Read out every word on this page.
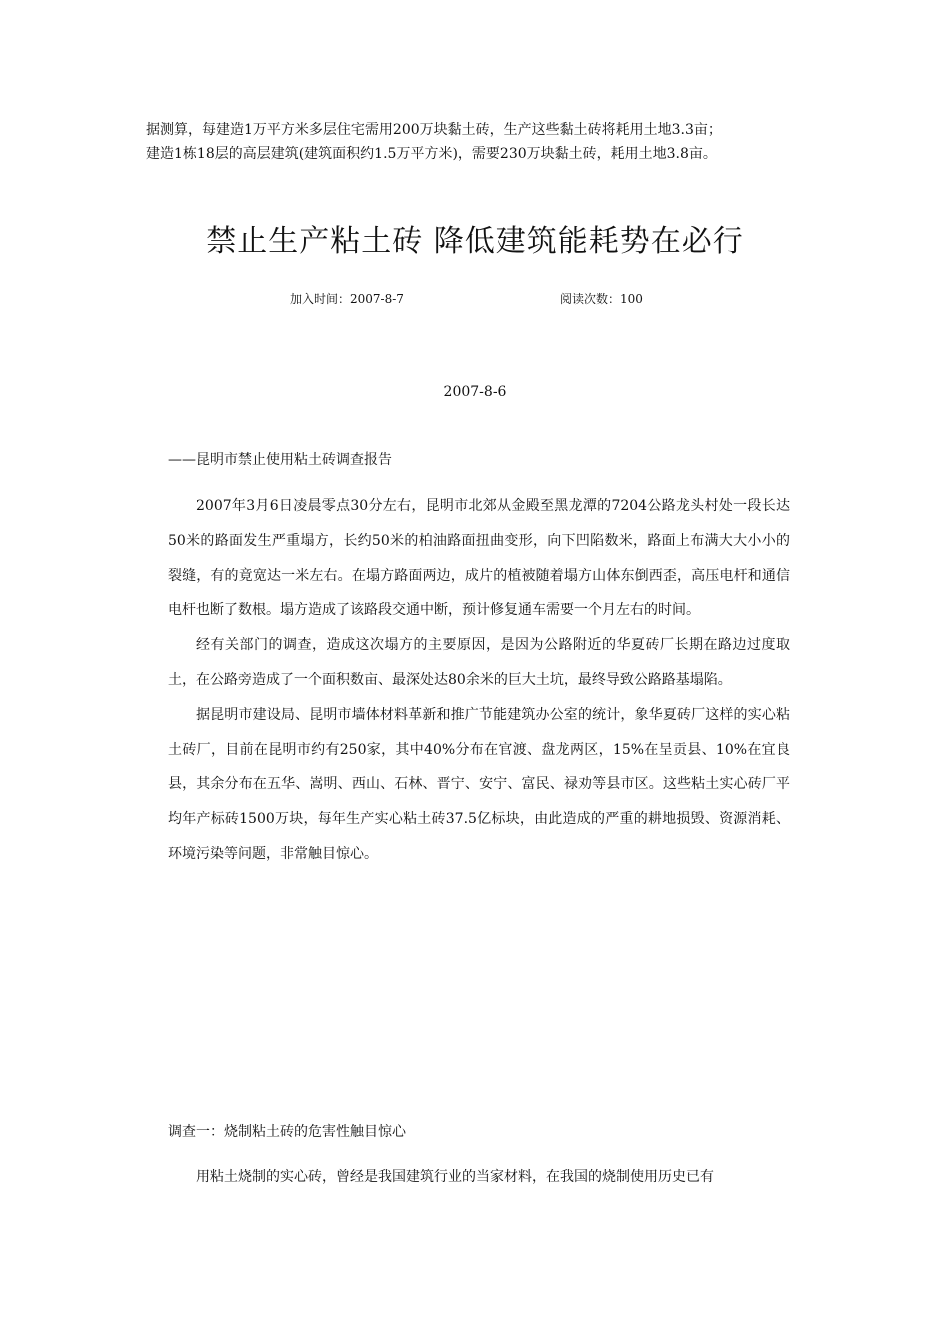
据测算，每建造1万平方米多层住宅需用200万块黏土砖，生产这些黏土砖将耗用土地3.3亩；

建造1栋18层的高层建筑(建筑面积约1.5万平方米)，需要230万块黏土砖，耗用土地3.8亩。

禁止生产粘土砖 降低建筑能耗势在必行
加入时间：2007-8-7	阅读次数：100
2007-8-6
——昆明市禁止使用粘土砖调查报告

2007年3月6日凌晨零点30分左右，昆明市北郊从金殿至黑龙潭的7204公路龙头村处一段长达50米的路面发生严重塌方，长约50米的柏油路面扭曲变形，向下凹陷数米，路面上布满大大小小的裂缝，有的竟宽达一米左右。在塌方路面两边，成片的植被随着塌方山体东倒西歪，高压电杆和通信电杆也断了数根。塌方造成了该路段交通中断，预计修复通车需要一个月左右的时间。

经有关部门的调查，造成这次塌方的主要原因，是因为公路附近的华夏砖厂长期在路边过度取土，在公路旁造成了一个面积数亩、最深处达80余米的巨大土坑，最终导致公路路基塌陷。

据昆明市建设局、昆明市墙体材料革新和推广节能建筑办公室的统计，象华夏砖厂这样的实心粘土砖厂，目前在昆明市约有250家，其中40%分布在官渡、盘龙两区，15%在呈贡县、10%在宜良县，其余分布在五华、嵩明、西山、石林、晋宁、安宁、富民、禄劝等县市区。这些粘土实心砖厂平均年产标砖1500万块，每年生产实心粘土砖37.5亿标块，由此造成的严重的耕地损毁、资源消耗、环境污染等问题，非常触目惊心。

调查一：烧制粘土砖的危害性触目惊心

用粘土烧制的实心砖，曾经是我国建筑行业的当家材料，在我国的烧制使用历史已有
